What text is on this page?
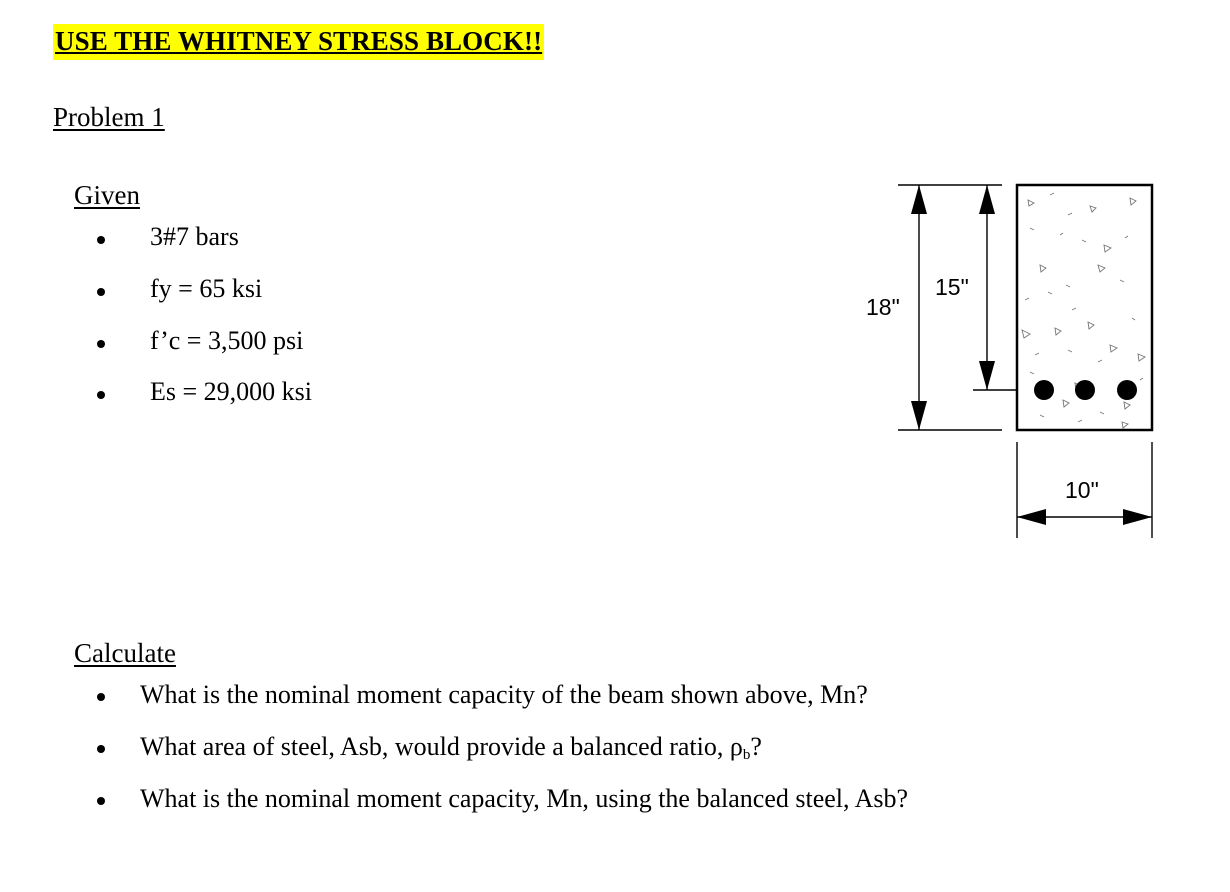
USE THE WHITNEY STRESS BLOCK!!
Problem 1
Given
3#7 bars
fy = 65 ksi
f’c = 3,500 psi
Es = 29,000 ksi
18"
15"
10"
Calculate
What is the nominal moment capacity of the beam shown above, Mn?
What area of steel, Asb, would provide a balanced ratio, $\rho_b$?
What is the nominal moment capacity, Mn, using the balanced steel, Asb?
